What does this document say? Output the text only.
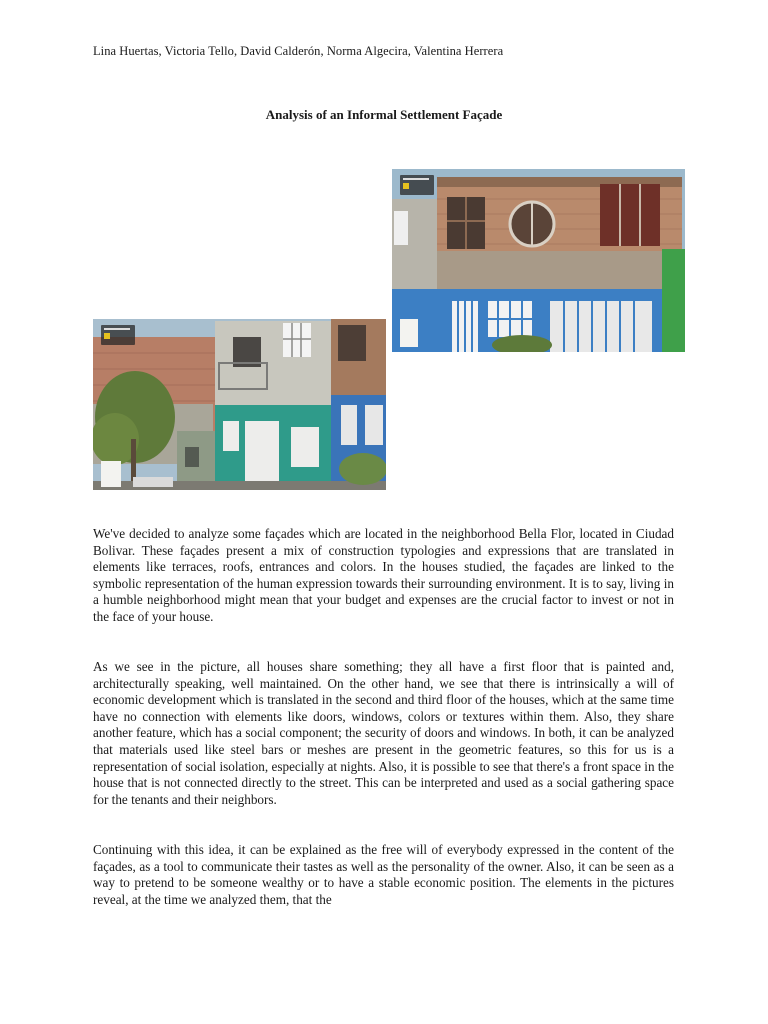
Lina Huertas, Victoria Tello, David Calderón, Norma Algecira, Valentina Herrera
Analysis of an Informal Settlement Façade

We've decided to analyze some façades which are located in the neighborhood Bella Flor, located in Ciudad Bolivar. These façades present a mix of construction typologies and expressions that are translated in elements like terraces, roofs, entrances and colors. In the houses studied, the façades are linked to the symbolic representation of the human expression towards their surrounding environment. It is to say, living in a humble neighborhood might mean that your budget and expenses are the crucial factor to invest or not in the face of your house.

As we see in the picture, all houses share something; they all have a first floor that is painted and, architecturally speaking, well maintained. On the other hand, we see that there is intrinsically a will of economic development which is translated in the second and third floor of the houses, which at the same time have no connection with elements like doors, windows, colors or textures within them. Also, they share another feature, which has a social component; the security of doors and windows. In both, it can be analyzed that materials used like steel bars or meshes are present in the geometric features, so this for us is a representation of social isolation, especially at nights. Also, it is possible to see that there's a front space in the house that is not connected directly to the street. This can be interpreted and used as a social gathering space for the tenants and their neighbors.

Continuing with this idea, it can be explained as the free will of everybody expressed in the content of the façades, as a tool to communicate their tastes as well as the personality of the owner. Also, it can be seen as a way to pretend to be someone wealthy or to have a stable economic position. The elements in the pictures reveal, at the time we analyzed them, that the
